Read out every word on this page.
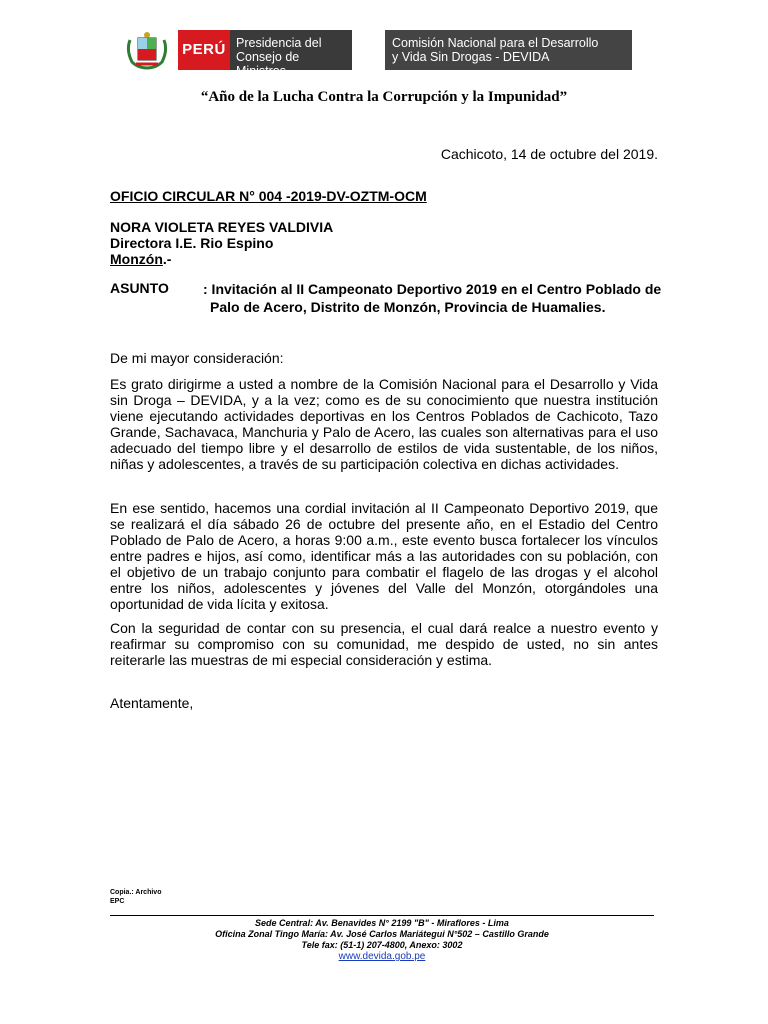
PERÚ Presidencia del
Consejo de Ministros
Comisión Nacional para el Desarrollo
y Vida Sin Drogas - DEVIDA
“Año de la Lucha Contra la Corrupción y la Impunidad”
Cachicoto, 14 de octubre del 2019.
OFICIO CIRCULAR N° 004 -2019-DV-OZTM-OCM
NORA VIOLETA REYES VALDIVIA
Directora I.E. Rio Espino
Monzón.-
ASUNTO : Invitación al II Campeonato Deportivo 2019 en el Centro Poblado de Palo de Acero, Distrito de Monzón, Provincia de Huamalies.
De mi mayor consideración:
Es grato dirigirme a usted a nombre de la Comisión Nacional para el Desarrollo y Vida sin Droga – DEVIDA, y a la vez; como es de su conocimiento que nuestra institución viene ejecutando actividades deportivas en los Centros Poblados de Cachicoto, Tazo Grande, Sachavaca, Manchuria y Palo de Acero, las cuales son alternativas para el uso adecuado del tiempo libre y el desarrollo de estilos de vida sustentable, de los niños, niñas y adolescentes, a través de su participación colectiva en dichas actividades.
En ese sentido, hacemos una cordial invitación al II Campeonato Deportivo 2019, que se realizará el día sábado 26 de octubre del presente año, en el Estadio del Centro Poblado de Palo de Acero, a horas 9:00 a.m., este evento busca fortalecer los vínculos entre padres e hijos, así como, identificar más a las autoridades con su población, con el objetivo de un trabajo conjunto para combatir el flagelo de las drogas y el alcohol entre los niños, adolescentes y jóvenes del Valle del Monzón, otorgándoles una oportunidad de vida lícita y exitosa.
Con la seguridad de contar con su presencia, el cual dará realce a nuestro evento y reafirmar su compromiso con su comunidad, me despido de usted, no sin antes reiterarle las muestras de mi especial consideración y estima.
Atentamente,
Copia.: Archivo
EPC
Sede Central: Av. Benavides N° 2199 "B" - Miraflores - Lima
Oficina Zonal Tingo María: Av. José Carlos Mariátegui N°502 – Castillo Grande
Tele fax: (51-1) 207-4800, Anexo: 3002
www.devida.gob.pe
